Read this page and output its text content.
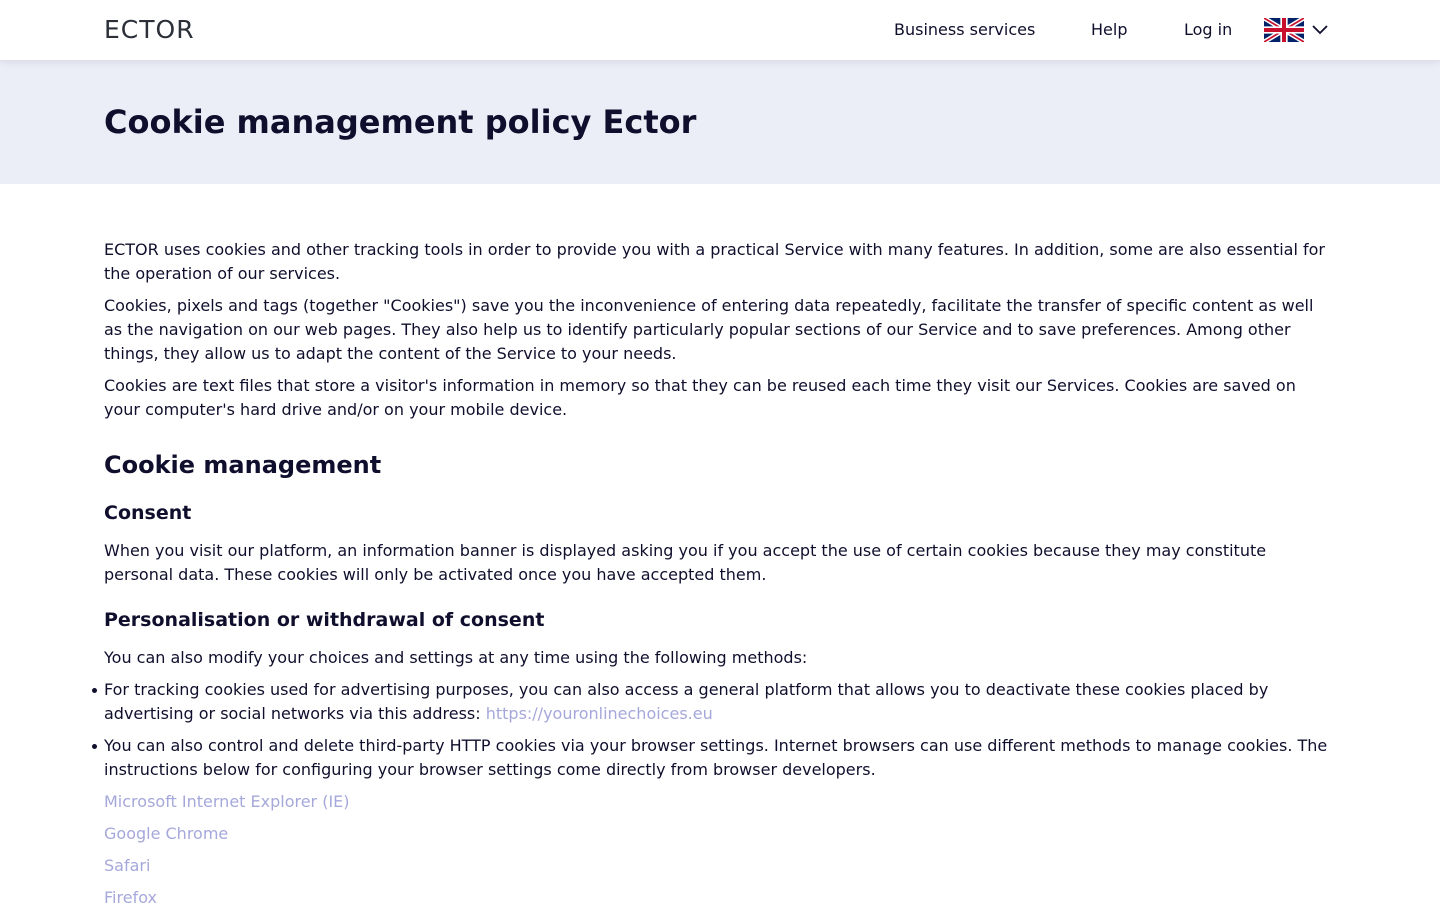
ECTOR	Business services	Help	Log in
Cookie management policy Ector

ECTOR uses cookies and other tracking tools in order to provide you with a practical Service with many features. In addition, some are also essential for the operation of our services.

Cookies, pixels and tags (together "Cookies") save you the inconvenience of entering data repeatedly, facilitate the transfer of specific content as well as the navigation on our web pages. They also help us to identify particularly popular sections of our Service and to save preferences. Among other things, they allow us to adapt the content of the Service to your needs.

Cookies are text files that store a visitor's information in memory so that they can be reused each time they visit our Services. Cookies are saved on your computer's hard drive and/or on your mobile device.

Cookie management
Consent

When you visit our platform, an information banner is displayed asking you if you accept the use of certain cookies because they may constitute personal data. These cookies will only be activated once you have accepted them.

Personalisation or withdrawal of consent

You can also modify your choices and settings at any time using the following methods:

For tracking cookies used for advertising purposes, you can also access a general platform that allows you to deactivate these cookies placed by advertising or social networks via this address: https://youronlinechoices.eu
You can also control and delete third-party HTTP cookies via your browser settings. Internet browsers can use different methods to manage cookies. The instructions below for configuring your browser settings come directly from browser developers.
Microsoft Internet Explorer (IE)
Google Chrome
Safari
Firefox
